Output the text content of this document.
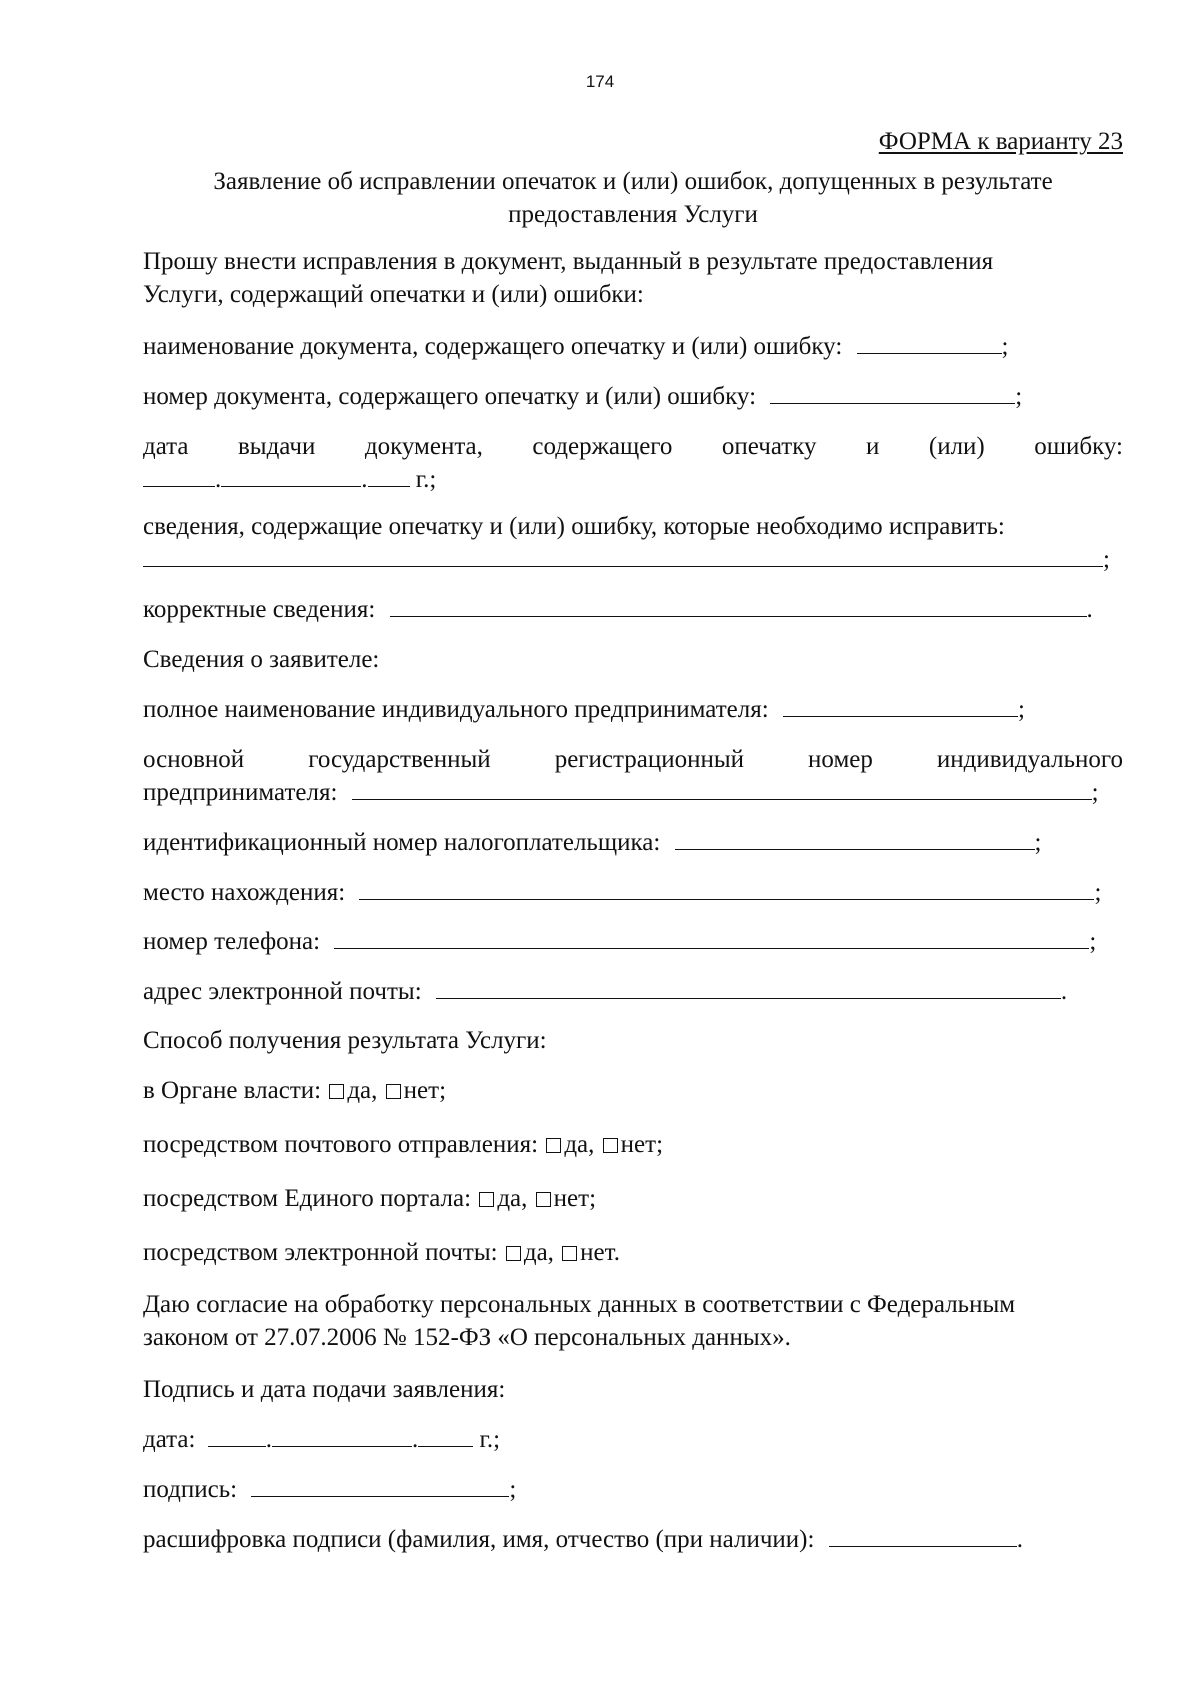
174
ФОРМА к варианту 23
Заявление об исправлении опечаток и (или) ошибок, допущенных в результате
предоставления Услуги
Прошу внести исправления в документ, выданный в результате предоставления
Услуги, содержащий опечатки и (или) ошибки:
наименование документа, содержащего опечатку и (или) ошибку:	;
номер документа, содержащего опечатку и (или) ошибку:	;
дата выдачи документа, содержащего опечатку и (или) ошибку:
.	. г.;
сведения, содержащие опечатку и (или) ошибку, которые необходимо исправить:
;
корректные сведения:	.
Сведения о заявителе:
полное наименование индивидуального предпринимателя:	;
основной	государственный	регистрационный	номер	индивидуального
предпринимателя:	;
идентификационный номер налогоплательщика:	;
место нахождения:	;
номер телефона:	;
адрес электронной почты:	.
Способ получения результата Услуги:
в Органе власти: да, нет;
посредством почтового отправления: да, нет;
посредством Единого портала: да, нет;
посредством электронной почты: да, нет.
Даю согласие на обработку персональных данных в соответствии с Федеральным
законом от 27.07.2006 № 152-ФЗ «О персональных данных».
Подпись и дата подачи заявления:
дата:	.	. г.;
подпись:	;
расшифровка подписи (фамилия, имя, отчество (при наличии):	.
